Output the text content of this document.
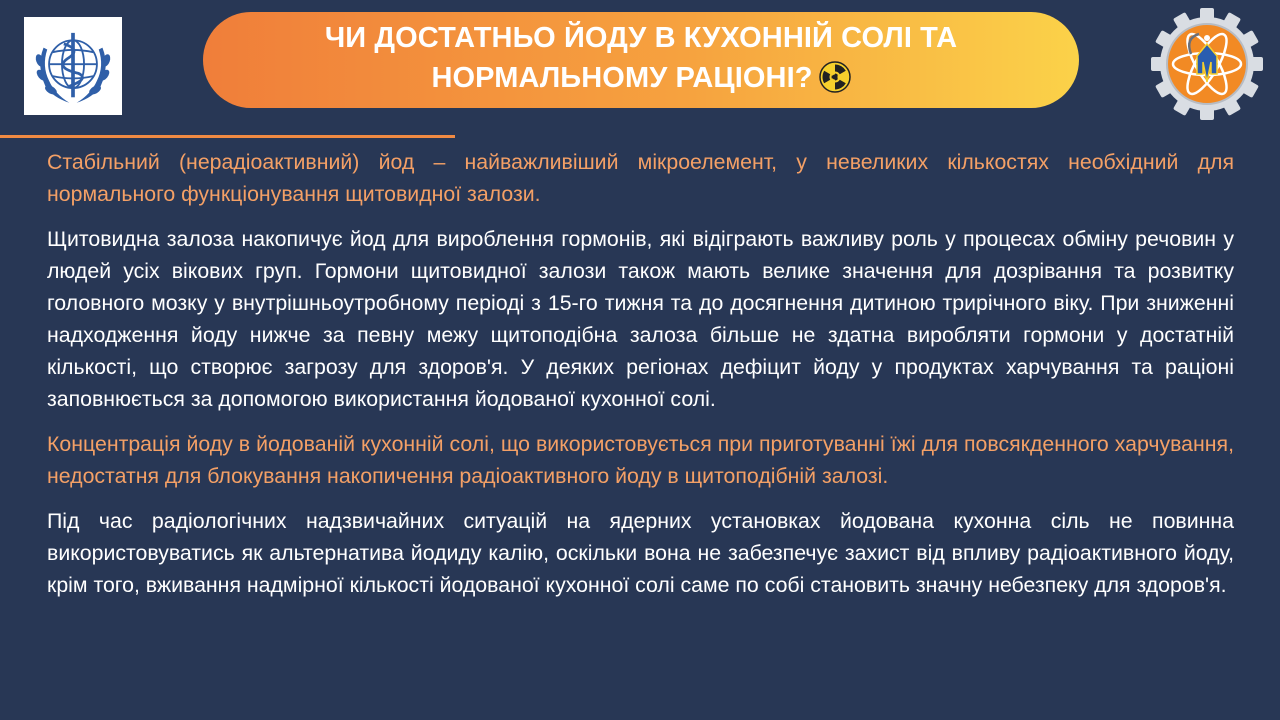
ЧИ ДОСТАТНЬО ЙОДУ В КУХОННІЙ СОЛІ ТА
НОРМАЛЬНОМУ РАЦІОНІ?

Стабільний (нерадіоактивний) йод – найважливіший мікроелемент, у невеликих кількостях необхідний для нормального функціонування щитовидної залози.

Щитовидна залоза накопичує йод для вироблення гормонів, які відіграють важливу роль у процесах обміну речовин у людей усіх вікових груп. Гормони щитовидної залози також мають велике значення для дозрівання та розвитку головного мозку у внутрішньоутробному періоді з 15-го тижня та до досягнення дитиною трирічного віку. При зниженні надходження йоду нижче за певну межу щитоподібна залоза більше не здатна виробляти гормони у достатній кількості, що створює загрозу для здоров'я. У деяких регіонах дефіцит йоду у продуктах харчування та раціоні заповнюється за допомогою використання йодованої кухонної солі.

Концентрація йоду в йодованій кухонній солі, що використовується при приготуванні їжі для повсякденного харчування, недостатня для блокування накопичення радіоактивного йоду в щитоподібній залозі.

Під час радіологічних надзвичайних ситуацій на ядерних установках йодована кухонна сіль не повинна використовуватись як альтернатива йодиду калію, оскільки вона не забезпечує захист від впливу радіоактивного йоду, крім того, вживання надмірної кількості йодованої кухонної солі саме по собі становить значну небезпеку для здоров'я.
